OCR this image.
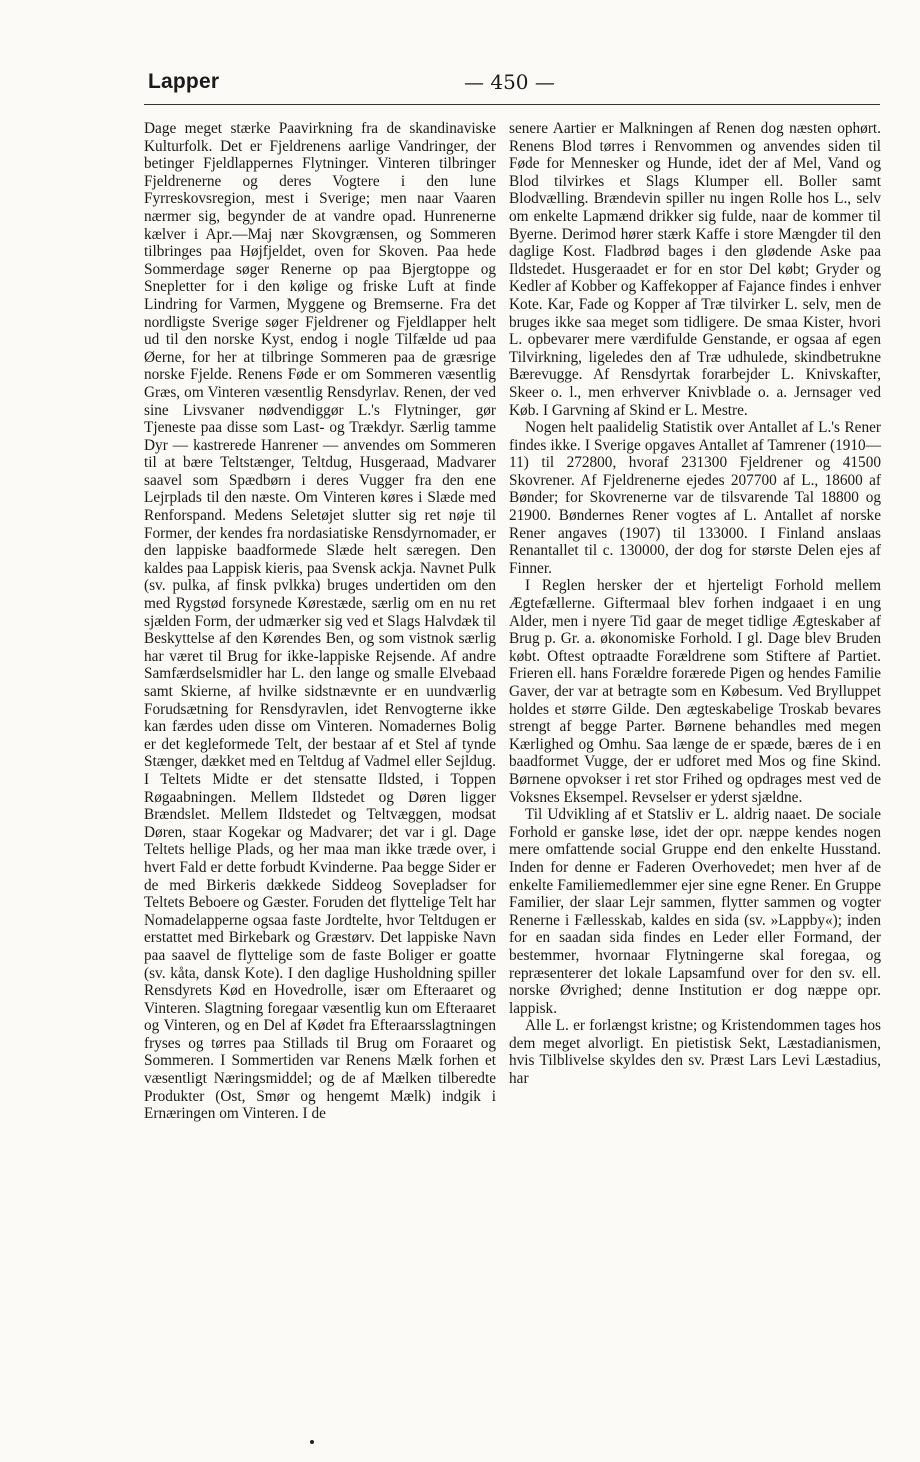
Lapper	— 450 —

Dage meget stærke Paavirkning fra de skandinaviske Kulturfolk. Det er Fjeldrenens aarlige Vandringer, der betinger Fjeldlappernes Flytninger. Vinteren tilbringer Fjeldrenerne og deres Vogtere i den lune Fyrreskovsregion, mest i Sverige; men naar Vaaren nærmer sig, begynder de at vandre opad. Hunrenerne kælver i Apr.—Maj nær Skovgrænsen, og Sommeren tilbringes paa Højfjeldet, oven for Skoven. Paa hede Sommerdage søger Renerne op paa Bjergtoppe og Snepletter for i den kølige og friske Luft at finde Lindring for Varmen, Myggene og Bremserne. Fra det nordligste Sverige søger Fjeldrener og Fjeldlapper helt ud til den norske Kyst, endog i nogle Tilfælde ud paa Øerne, for her at tilbringe Sommeren paa de græsrige norske Fjelde. Renens Føde er om Sommeren væsentlig Græs, om Vinteren væsentlig Rensdyrlav. Renen, der ved sine Livsvaner nødvendiggør L.'s Flytninger, gør Tjeneste paa disse som Last- og Trækdyr. Særlig tamme Dyr — kastrerede Hanrener — anvendes om Sommeren til at bære Teltstænger, Teltdug, Husgeraad, Madvarer saavel som Spædbørn i deres Vugger fra den ene Lejrplads til den næste. Om Vinteren køres i Slæde med Renforspand. Medens Seletøjet slutter sig ret nøje til Former, der kendes fra nordasiatiske Rensdyrnomader, er den lappiske baadformede Slæde helt særegen. Den kaldes paa Lappisk kieris, paa Svensk ackja. Navnet Pulk (sv. pulka, af finsk pvlkka) bruges undertiden om den med Rygstød forsynede Kørestæde, særlig om en nu ret sjælden Form, der udmærker sig ved et Slags Halvdæk til Beskyttelse af den Kørendes Ben, og som vistnok særlig har været til Brug for ikke-lappiske Rejsende. Af andre Samfærdselsmidler har L. den lange og smalle Elvebaad samt Skierne, af hvilke sidstnævnte er en uundværlig Forudsætning for Rensdyravlen, idet Renvogterne ikke kan færdes uden disse om Vinteren. Nomadernes Bolig er det kegleformede Telt, der bestaar af et Stel af tynde Stænger, dækket med en Teltdug af Vadmel eller Sejldug. I Teltets Midte er det stensatte Ildsted, i Toppen Røgaabningen. Mellem Ildstedet og Døren ligger Brændslet. Mellem Ildstedet og Teltvæggen, modsat Døren, staar Kogekar og Madvarer; det var i gl. Dage Teltets hellige Plads, og her maa man ikke træde over, i hvert Fald er dette forbudt Kvinderne. Paa begge Sider er de med Birkeris dækkede Siddeog Sovepladser for Teltets Beboere og Gæster. Foruden det flyttelige Telt har Nomadelapperne ogsaa faste Jordtelte, hvor Teltdugen er erstattet med Birkebark og Græstørv. Det lappiske Navn paa saavel de flyttelige som de faste Boliger er goatte (sv. kåta, dansk Kote). I den daglige Husholdning spiller Rensdyrets Kød en Hovedrolle, især om Efteraaret og Vinteren. Slagtning foregaar væsentlig kun om Efteraaret og Vinteren, og en Del af Kødet fra Efteraarsslagtningen fryses og tørres paa Stillads til Brug om Foraaret og Sommeren. I Sommertiden var Renens Mælk forhen et væsentligt Næringsmiddel; og de af Mælken tilberedte Produkter (Ost, Smør og hengemt Mælk) indgik i Ernæringen om Vinteren. I de

senere Aartier er Malkningen af Renen dog næsten ophørt. Renens Blod tørres i Renvommen og anvendes siden til Føde for Mennesker og Hunde, idet der af Mel, Vand og Blod tilvirkes et Slags Klumper ell. Boller samt Blodvælling. Brændevin spiller nu ingen Rolle hos L., selv om enkelte Lapmænd drikker sig fulde, naar de kommer til Byerne. Derimod hører stærk Kaffe i store Mængder til den daglige Kost. Fladbrød bages i den glødende Aske paa Ildstedet. Husgeraadet er for en stor Del købt; Gryder og Kedler af Kobber og Kaffekopper af Fajance findes i enhver Kote. Kar, Fade og Kopper af Træ tilvirker L. selv, men de bruges ikke saa meget som tidligere. De smaa Kister, hvori L. opbevarer mere værdifulde Genstande, er ogsaa af egen Tilvirkning, ligeledes den af Træ udhulede, skindbetrukne Bærevugge. Af Rensdyrtak forarbejder L. Knivskafter, Skeer o. l., men erhverver Knivblade o. a. Jernsager ved Køb. I Garvning af Skind er L. Mestre.

Nogen helt paalidelig Statistik over Antallet af L.'s Rener findes ikke. I Sverige opgaves Antallet af Tamrener (1910—11) til 272800, hvoraf 231300 Fjeldrener og 41500 Skovrener. Af Fjeldrenerne ejedes 207700 af L., 18600 af Bønder; for Skovrenerne var de tilsvarende Tal 18800 og 21900. Bøndernes Rener vogtes af L. Antallet af norske Rener angaves (1907) til 133000. I Finland anslaas Renantallet til c. 130000, der dog for største Delen ejes af Finner.

I Reglen hersker der et hjerteligt Forhold mellem Ægtefællerne. Giftermaal blev forhen indgaaet i en ung Alder, men i nyere Tid gaar de meget tidlige Ægteskaber af Brug p. Gr. a. økonomiske Forhold. I gl. Dage blev Bruden købt. Oftest optraadte Forældrene som Stiftere af Partiet. Frieren ell. hans Forældre forærede Pigen og hendes Familie Gaver, der var at betragte som en Købesum. Ved Brylluppet holdes et større Gilde. Den ægteskabelige Troskab bevares strengt af begge Parter. Børnene behandles med megen Kærlighed og Omhu. Saa længe de er spæde, bæres de i en baadformet Vugge, der er udforet med Mos og fine Skind. Børnene opvokser i ret stor Frihed og opdrages mest ved de Voksnes Eksempel. Revselser er yderst sjældne.

Til Udvikling af et Statsliv er L. aldrig naaet. De sociale Forhold er ganske løse, idet der opr. næppe kendes nogen mere omfattende social Gruppe end den enkelte Husstand. Inden for denne er Faderen Overhovedet; men hver af de enkelte Familiemedlemmer ejer sine egne Rener. En Gruppe Familier, der slaar Lejr sammen, flytter sammen og vogter Renerne i Fællesskab, kaldes en sida (sv. »Lappby«); inden for en saadan sida findes en Leder eller Formand, der bestemmer, hvornaar Flytningerne skal foregaa, og repræsenterer det lokale Lapsamfund over for den sv. ell. norske Øvrighed; denne Institution er dog næppe opr. lappisk.

Alle L. er forlængst kristne; og Kristendommen tages hos dem meget alvorligt. En pietistisk Sekt, Læstadianismen, hvis Tilblivelse skyldes den sv. Præst Lars Levi Læstadius, har
